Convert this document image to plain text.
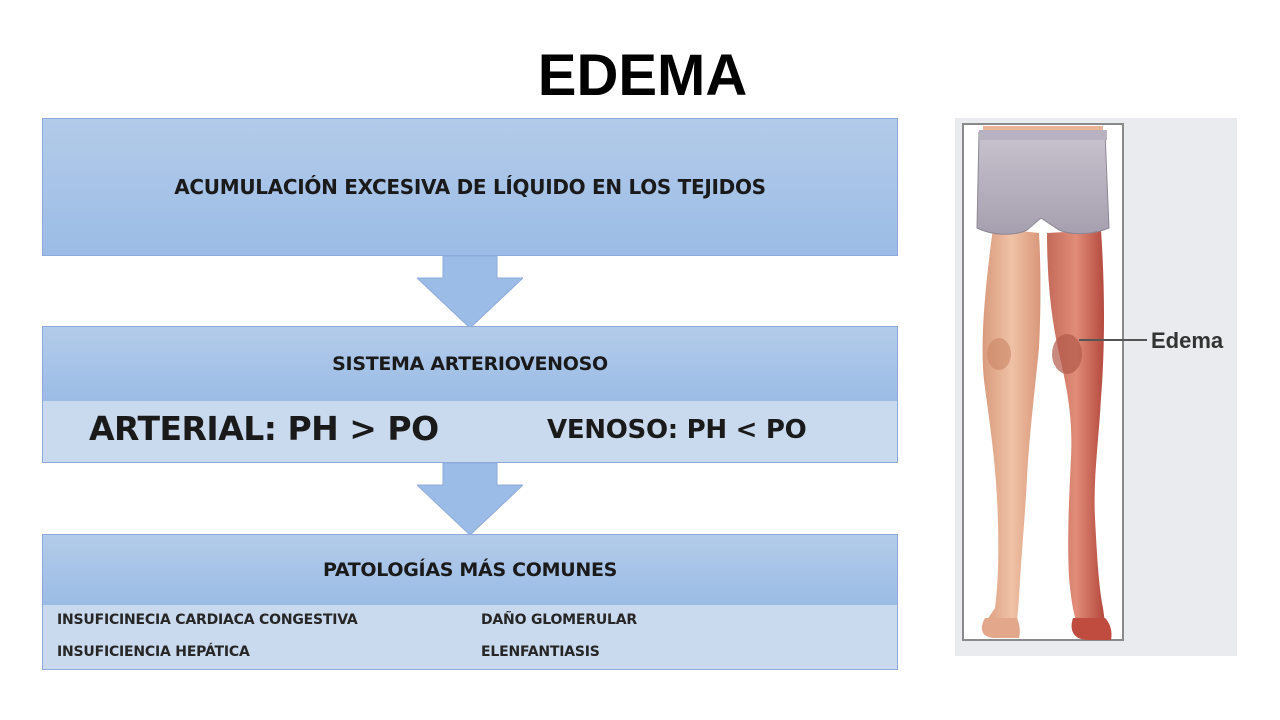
EDEMA
ACUMULACIÓN EXCESIVA DE LÍQUIDO EN LOS TEJIDOS
SISTEMA ARTERIOVENOSO
ARTERIAL: PH > PO	VENOSO: PH < PO
PATOLOGÍAS MÁS COMUNES
INSUFICINECIA CARDIACA CONGESTIVA
INSUFICIENCIA HEPÁTICA
DAÑO GLOMERULAR
ELENFANTIASIS
Edema
